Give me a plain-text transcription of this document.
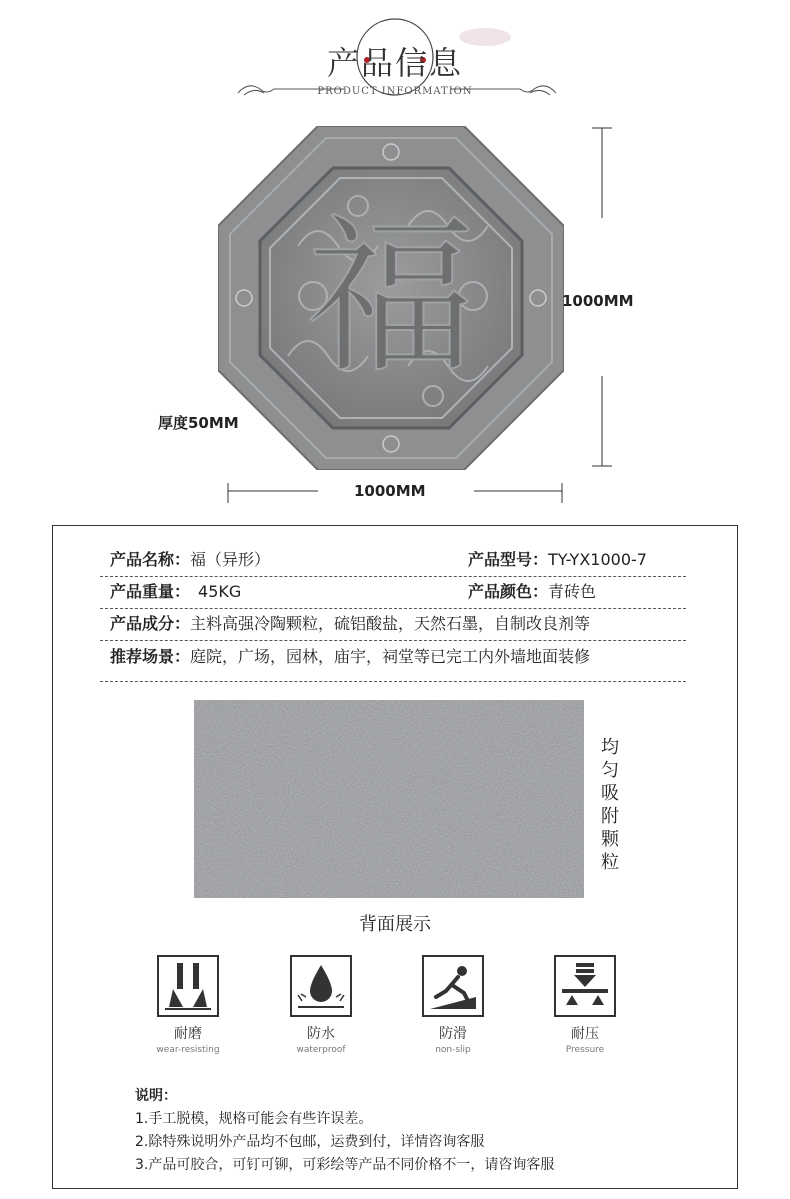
产品信息
PRODUCT INFORMATION
福	1000MM
1000MM
厚度50MM
产品名称：福（异形）	产品型号：TY-YX1000-7
产品重量： 45KG	产品颜色：青砖色
产品成分：主料高强冷陶颗粒，硫铝酸盐，天然石墨，自制改良剂等
推荐场景：庭院，广场，园林，庙宇，祠堂等已完工内外墙地面装修
均
匀
吸
附
颗
粒
背面展示
耐磨
wear-resisting
防水
waterproof
防滑
non-slip
耐压
Pressure
说明：
1.手工脱模，规格可能会有些许误差。
2.除特殊说明外产品均不包邮，运费到付，详情咨询客服
3.产品可胶合，可钉可铆，可彩绘等产品不同价格不一，请咨询客服
